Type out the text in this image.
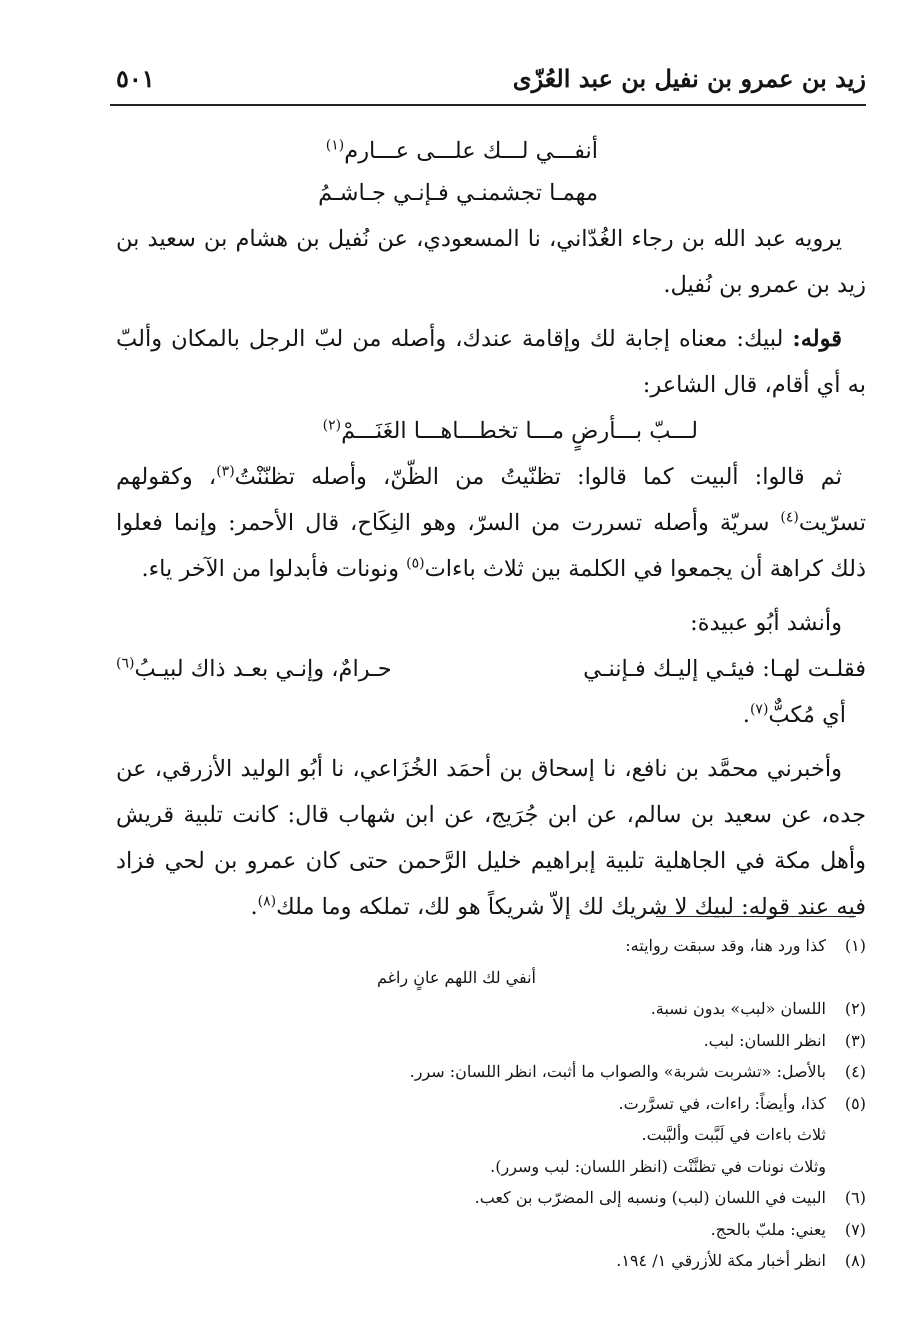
زيد بن عمرو بن نفيل بن عبد العُزّى
٥٠١
أنفـــي لـــك علـــى عـــارم$^{(١)}$
مهمـا تجشمنـي فـإنـي جـاشـمُ

يرويه عبد الله بن رجاء الغُدّاني، نا المسعودي، عن نُفيل بن هشام بن سعيد بن زيد بن عمرو بن نُفيل.

قوله: لبيك: معناه إجابة لك وإقامة عندك، وأصله من لبّ الرجل بالمكان وألبّ به أي أقام، قال الشاعر:

لـــبّ بـــأرضٍ مـــا تخطـــاهـــا الغَنَـــمْ$^{(٢)}$

ثم قالوا: ألبيت كما قالوا: تظنّيتُ من الظّنّ، وأصله تظنّنْتُ$^{(٣)}$، وكقولهم تسرّيت$^{(٤)}$ سريّة وأصله تسررت من السرّ، وهو النِكَاح، قال الأحمر: وإنما فعلوا ذلك كراهة أن يجمعوا في الكلمة بين ثلاث باءات$^{(٥)}$ ونونات فأبدلوا من الآخر ياء.

وأنشد أبُو عبيدة:

فقلـت لهـا: فيئـي إليـك فـإننـي
حـرامٌ، وإنـي بعـد ذاك لبيـبُ$^{(٦)}$

أي مُكبٌّ$^{(٧)}$.

وأخبرني محمَّد بن نافع، نا إسحاق بن أحمَد الخُزَاعي، نا أبُو الوليد الأزرقي، عن جده، عن سعيد بن سالم، عن ابن جُرَيج، عن ابن شهاب قال: كانت تلبية قريش وأهل مكة في الجاهلية تلبية إبراهيم خليل الرَّحمن حتى كان عمرو بن لحي فزاد فيه عند قوله: لبيك لا شريك لك إلاّ شريكاً هو لك، تملكه وما ملك$^{(٨)}$.

(١)
كذا ورد هنا، وقد سبقت روايته:
أنفي لك اللهم عانٍ راغم
(٢)
اللسان «لبب» بدون نسبة.
(٣)
انظر اللسان: لبب.
(٤)
بالأصل: «تشربت شربة» والصواب ما أثبت، انظر اللسان: سرر.
(٥)
كذا، وأيضاً: راءات، في تسرَّرت.
ثلاث باءات في لَبَّبت وألبَّبت.
وثلاث نونات في تظنَّنْت (انظر اللسان: لبب وسرر).
(٦)
البيت في اللسان (لبب) ونسبه إلى المضرّب بن كعب.
(٧)
يعني: ملبّ بالحج.
(٨)
انظر أخبار مكة للأزرقي ١/ ١٩٤.
